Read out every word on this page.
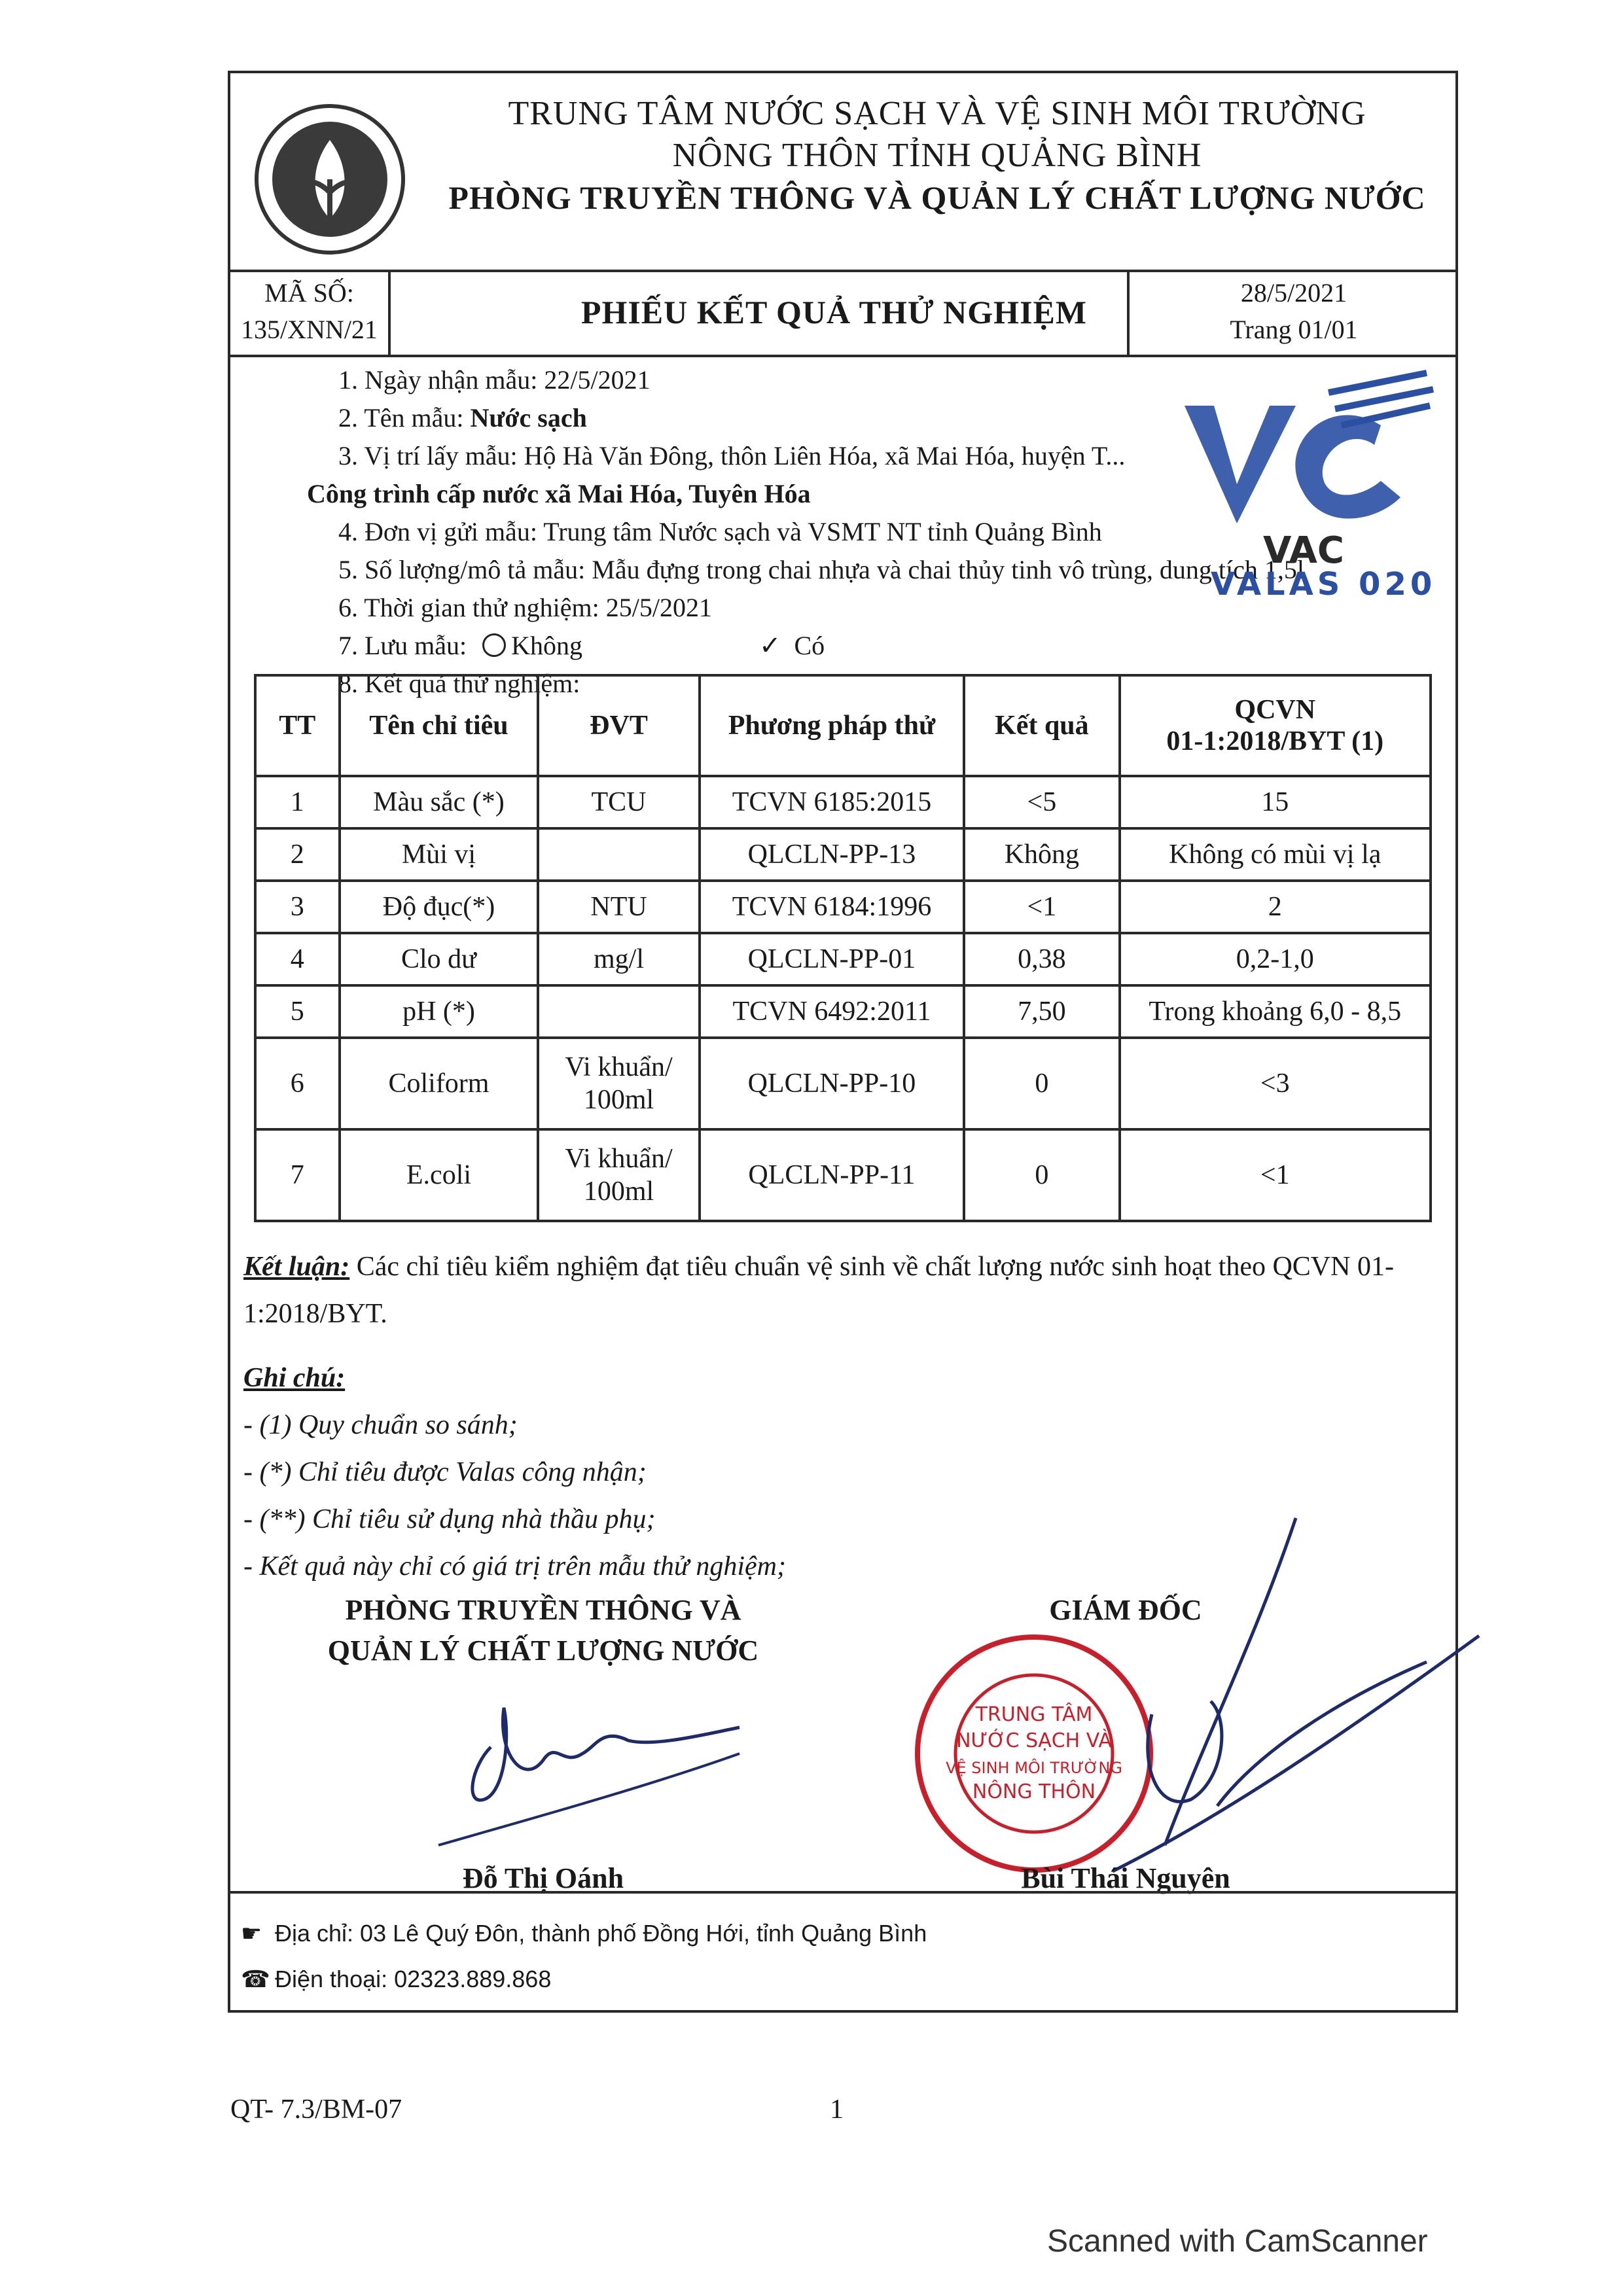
TRUNG TÂM NƯỚC SẠCH VÀ VỆ SINH MÔI TRƯỜNG
NÔNG THÔN TỈNH QUẢNG BÌNH
PHÒNG TRUYỀN THÔNG VÀ QUẢN LÝ CHẤT LƯỢNG NƯỚC
MÃ SỐ:
135/XNN/21	PHIẾU KẾT QUẢ THỬ NGHIỆM
28/5/2021
Trang 01/01
1. Ngày nhận mẫu: 22/5/2021
2. Tên mẫu: Nước sạch
3. Vị trí lấy mẫu: Hộ Hà Văn Đông, thôn Liên Hóa, xã Mai Hóa, huyện T...
Công trình cấp nước xã Mai Hóa, Tuyên Hóa
4. Đơn vị gửi mẫu: Trung tâm Nước sạch và VSMT NT tỉnh Quảng Bình
5. Số lượng/mô tả mẫu: Mẫu đựng trong chai nhựa và chai thủy tinh vô trùng, dung tích 1,5l
6. Thời gian thử nghiệm: 25/5/2021
7. Lưu mẫu: Không	✓ Có
8. Kết quả thử nghiệm:
VAC
VALAS 020
TT	Tên chỉ tiêu	ĐVT	Phương pháp thử	Kết quả	QCVN
01-1:2018/BYT (1)

1	Màu sắc (*)	TCU	TCVN 6185:2015	<5	15
2	Mùi vị		QLCLN-PP-13	Không	Không có mùi vị lạ
3	Độ đục(*)	NTU	TCVN 6184:1996	<1	2
4	Clo dư	mg/l	QLCLN-PP-01	0,38	0,2-1,0
5	pH (*)		TCVN 6492:2011	7,50	Trong khoảng 6,0 - 8,5
6	Coliform	Vi khuẩn/ 100ml	QLCLN-PP-10	0	<3
7	E.coli	Vi khuẩn/ 100ml	QLCLN-PP-11	0	<1
Kết luận: Các chỉ tiêu kiểm nghiệm đạt tiêu chuẩn vệ sinh về chất lượng nước sinh hoạt theo QCVN 01-1:2018/BYT.
Ghi chú:
- (1) Quy chuẩn so sánh;
- (*) Chỉ tiêu được Valas công nhận;
- (**) Chỉ tiêu sử dụng nhà thầu phụ;
- Kết quả này chỉ có giá trị trên mẫu thử nghiệm;
PHÒNG TRUYỀN THÔNG VÀ
QUẢN LÝ CHẤT LƯỢNG NƯỚC
GIÁM ĐỐC
TRUNG TÂM
NƯỚC SẠCH VÀ
VỆ SINH MÔI TRƯỜNG
NÔNG THÔN
Đỗ Thị Oánh	Bùi Thái Nguyên
☛ Địa chỉ: 03 Lê Quý Đôn, thành phố Đồng Hới, tỉnh Quảng Bình
☎ Điện thoại: 02323.889.868
QT- 7.3/BM-07	1
Scanned with CamScanner
